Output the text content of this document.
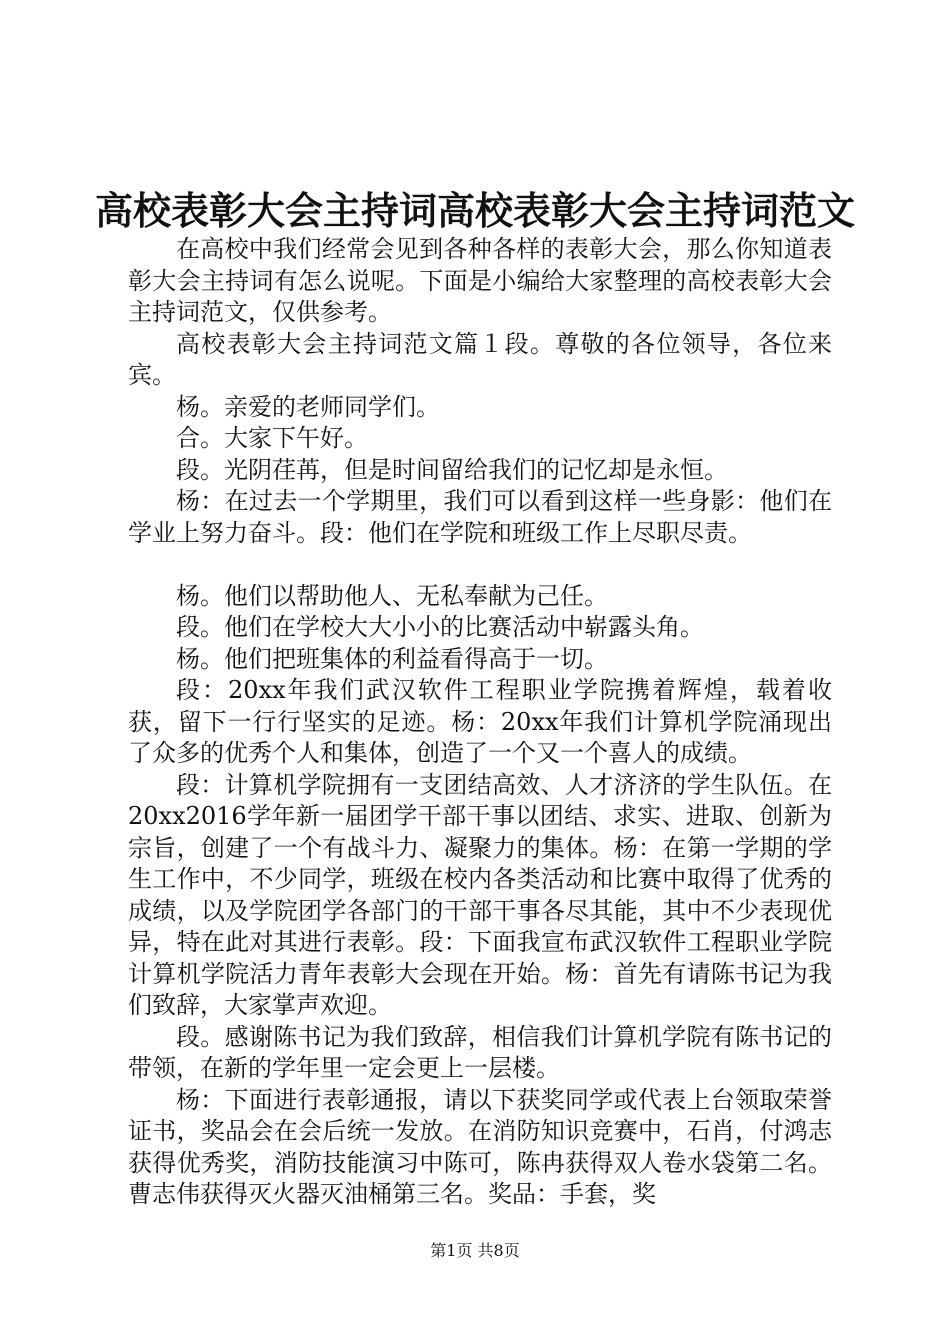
高校表彰大会主持词高校表彰大会主持词范文

在高校中我们经常会见到各种各样的表彰大会，那么你知道表彰大会主持词有怎么说呢。下面是小编给大家整理的高校表彰大会主持词范文，仅供参考。

高校表彰大会主持词范文篇１段。尊敬的各位领导，各位来宾。

杨。亲爱的老师同学们。

合。大家下午好。

段。光阴荏苒，但是时间留给我们的记忆却是永恒。

杨：在过去一个学期里，我们可以看到这样一些身影：他们在学业上努力奋斗。段：他们在学院和班级工作上尽职尽责。

杨。他们以帮助他人、无私奉献为己任。

段。他们在学校大大小小的比赛活动中崭露头角。

杨。他们把班集体的利益看得高于一切。

段：20xx年我们武汉软件工程职业学院携着辉煌，载着收获，留下一行行坚实的足迹。杨：20xx年我们计算机学院涌现出了众多的优秀个人和集体，创造了一个又一个喜人的成绩。

段：计算机学院拥有一支团结高效、人才济济的学生队伍。在20xx2016学年新一届团学干部干事以团结、求实、进取、创新为宗旨，创建了一个有战斗力、凝聚力的集体。杨：在第一学期的学生工作中，不少同学，班级在校内各类活动和比赛中取得了优秀的成绩，以及学院团学各部门的干部干事各尽其能，其中不少表现优异，特在此对其进行表彰。段：下面我宣布武汉软件工程职业学院计算机学院活力青年表彰大会现在开始。杨：首先有请陈书记为我们致辞，大家掌声欢迎。

段。感谢陈书记为我们致辞，相信我们计算机学院有陈书记的带领，在新的学年里一定会更上一层楼。

杨：下面进行表彰通报，请以下获奖同学或代表上台领取荣誉证书，奖品会在会后统一发放。在消防知识竞赛中，石肖，付鸿志获得优秀奖，消防技能演习中陈可，陈冉获得双人卷水袋第二名。曹志伟获得灭火器灭油桶第三名。奖品：手套，奖

第1页 共8页
